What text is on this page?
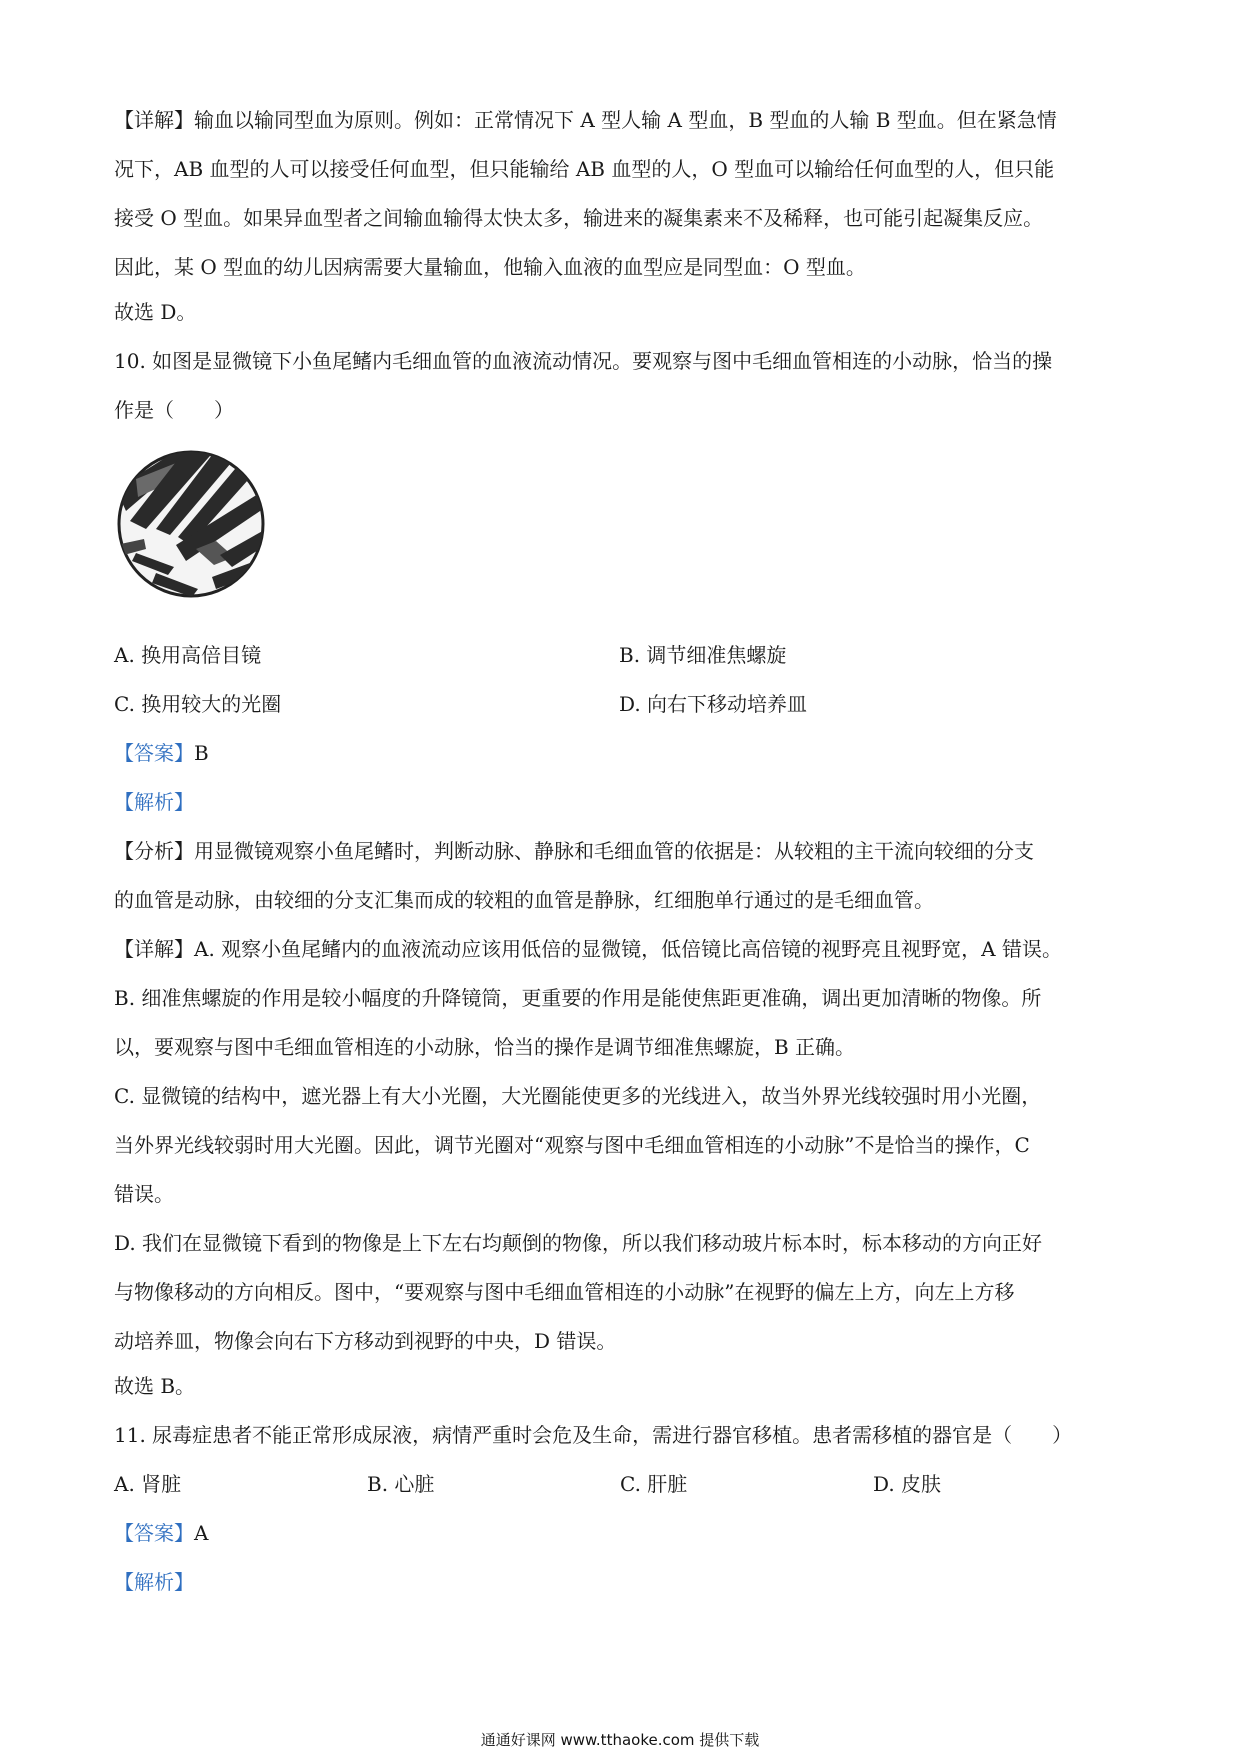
【详解】输血以输同型血为原则。例如：正常情况下 A 型人输 A 型血，B 型血的人输 B 型血。但在紧急情

况下，AB 血型的人可以接受任何血型，但只能输给 AB 血型的人，O 型血可以输给任何血型的人，但只能

接受 O 型血。如果异血型者之间输血输得太快太多，输进来的凝集素来不及稀释，也可能引起凝集反应。

因此，某 O 型血的幼儿因病需要大量输血，他输入血液的血型应是同型血：O 型血。

故选 D。

10. 如图是显微镜下小鱼尾鳍内毛细血管的血液流动情况。要观察与图中毛细血管相连的小动脉，恰当的操

作是（　　）

A. 换用高倍目镜	B. 调节细准焦螺旋

C. 换用较大的光圈	D. 向右下移动培养皿

【答案】B

【解析】

【分析】用显微镜观察小鱼尾鳍时，判断动脉、静脉和毛细血管的依据是：从较粗的主干流向较细的分支

的血管是动脉，由较细的分支汇集而成的较粗的血管是静脉，红细胞单行通过的是毛细血管。

【详解】A. 观察小鱼尾鳍内的血液流动应该用低倍的显微镜，低倍镜比高倍镜的视野亮且视野宽，A 错误。

B. 细准焦螺旋的作用是较小幅度的升降镜筒，更重要的作用是能使焦距更准确，调出更加清晰的物像。所

以，要观察与图中毛细血管相连的小动脉，恰当的操作是调节细准焦螺旋，B 正确。

C. 显微镜的结构中，遮光器上有大小光圈，大光圈能使更多的光线进入，故当外界光线较强时用小光圈，

当外界光线较弱时用大光圈。因此，调节光圈对“观察与图中毛细血管相连的小动脉”不是恰当的操作，C

错误。

D. 我们在显微镜下看到的物像是上下左右均颠倒的物像，所以我们移动玻片标本时，标本移动的方向正好

与物像移动的方向相反。图中，“要观察与图中毛细血管相连的小动脉”在视野的偏左上方，向左上方移

动培养皿，物像会向右下方移动到视野的中央，D 错误。

故选 B。

11. 尿毒症患者不能正常形成尿液，病情严重时会危及生命，需进行器官移植。患者需移植的器官是（　　）

A. 肾脏	B. 心脏	C. 肝脏	D. 皮肤

【答案】A

【解析】

通通好课网 www.tthaoke.com 提供下载
